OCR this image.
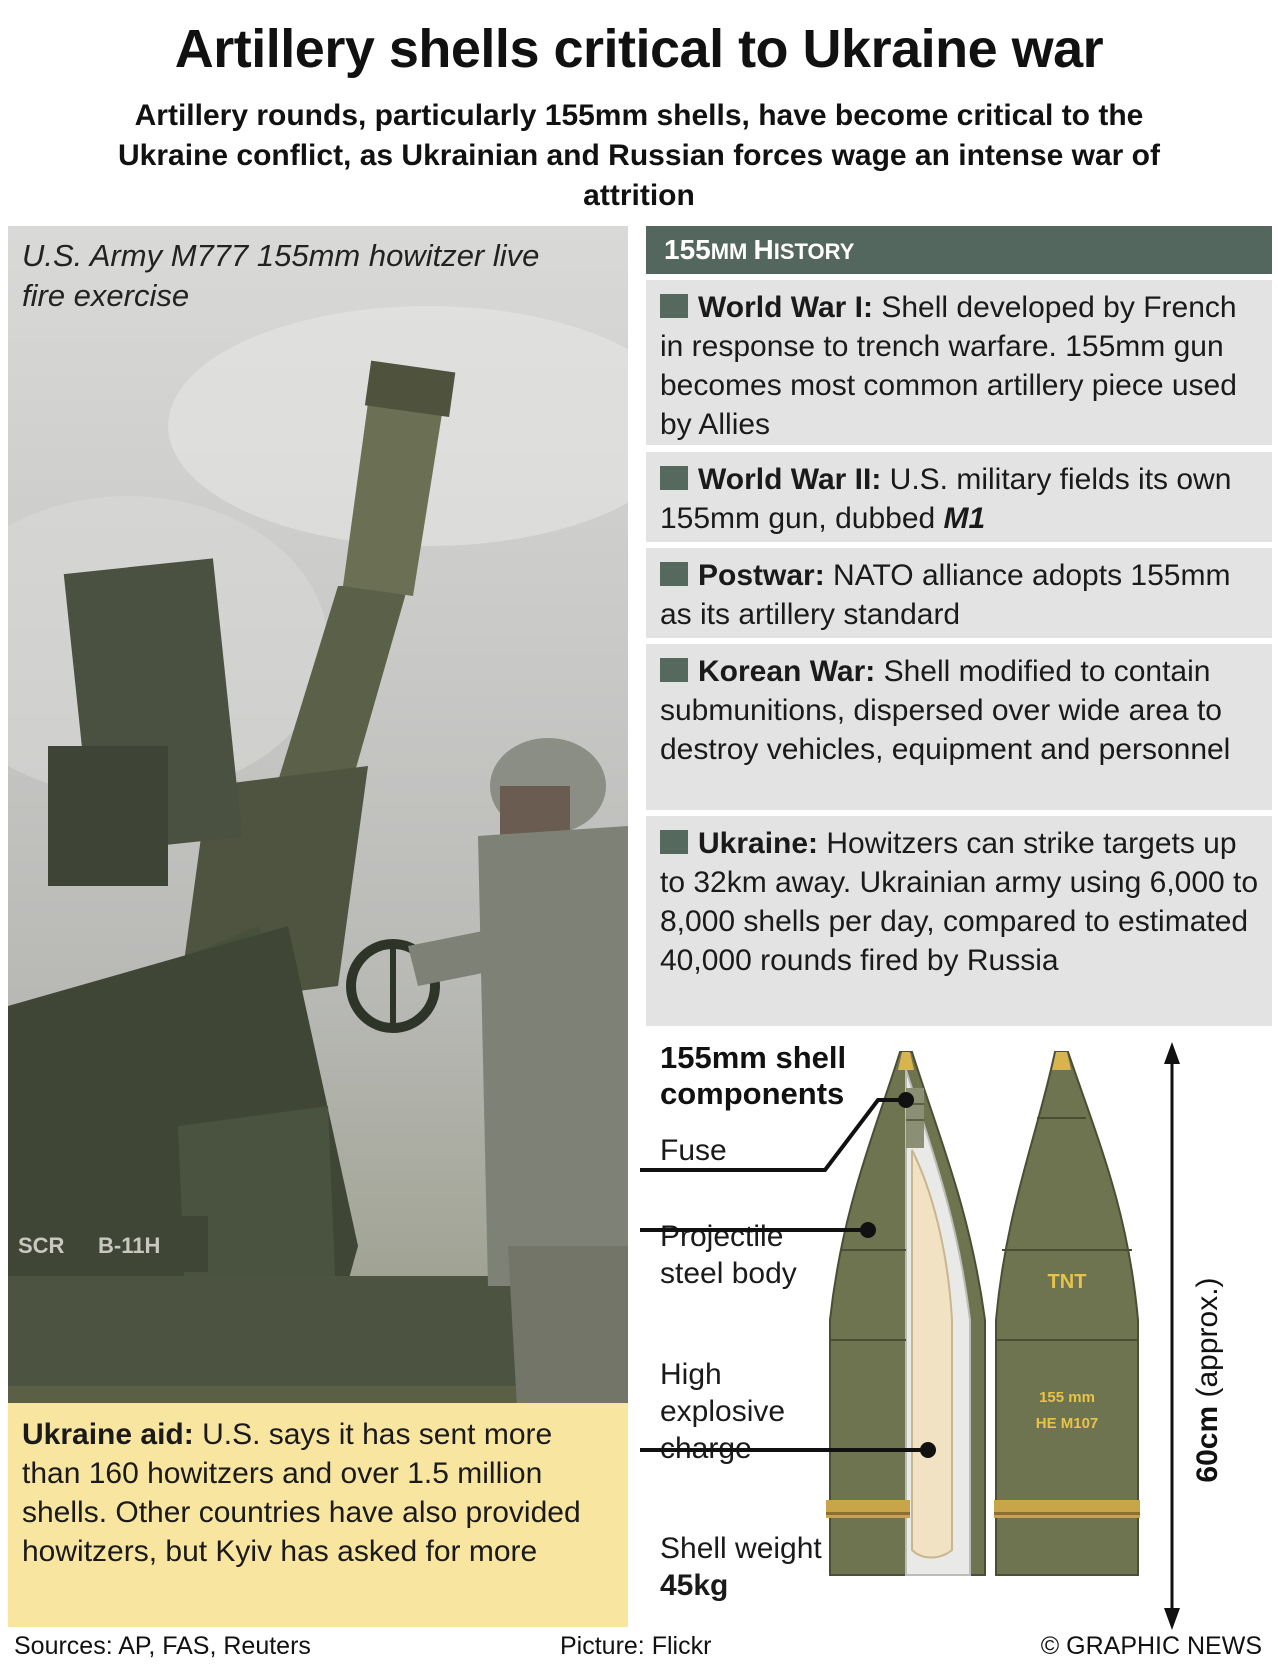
Artillery shells critical to Ukraine war
Artillery rounds, particularly 155mm shells, have become critical to the Ukraine conflict, as Ukrainian and Russian forces wage an intense war of attrition
SCR B-11H
U.S. Army M777 155mm howitzer live fire exercise
Ukraine aid: U.S. says it has sent more than 160 howitzers and over 1.5 million shells. Other countries have also provided howitzers, but Kyiv has asked for more
155MM HISTORY
World War I: Shell developed by French in response to trench warfare. 155mm gun becomes most common artillery piece used by Allies
World War II: U.S. military fields its own 155mm gun, dubbed M1
Postwar: NATO alliance adopts 155mm as its artillery standard
Korean War: Shell modified to contain submunitions, dispersed over wide area to destroy vehicles, equipment and personnel
Ukraine: Howitzers can strike targets up to 32km away. Ukrainian army using 6,000 to 8,000 shells per day, compared to estimated 40,000 rounds fired by Russia
155mm shell
components
Fuse
Projectile
steel body
High
explosive
charge
Shell weight
45kg
TNT
155 mm
HE M107	60cm (approx.)
Sources: AP, FAS, Reuters	Picture: Flickr	© GRAPHIC NEWS
